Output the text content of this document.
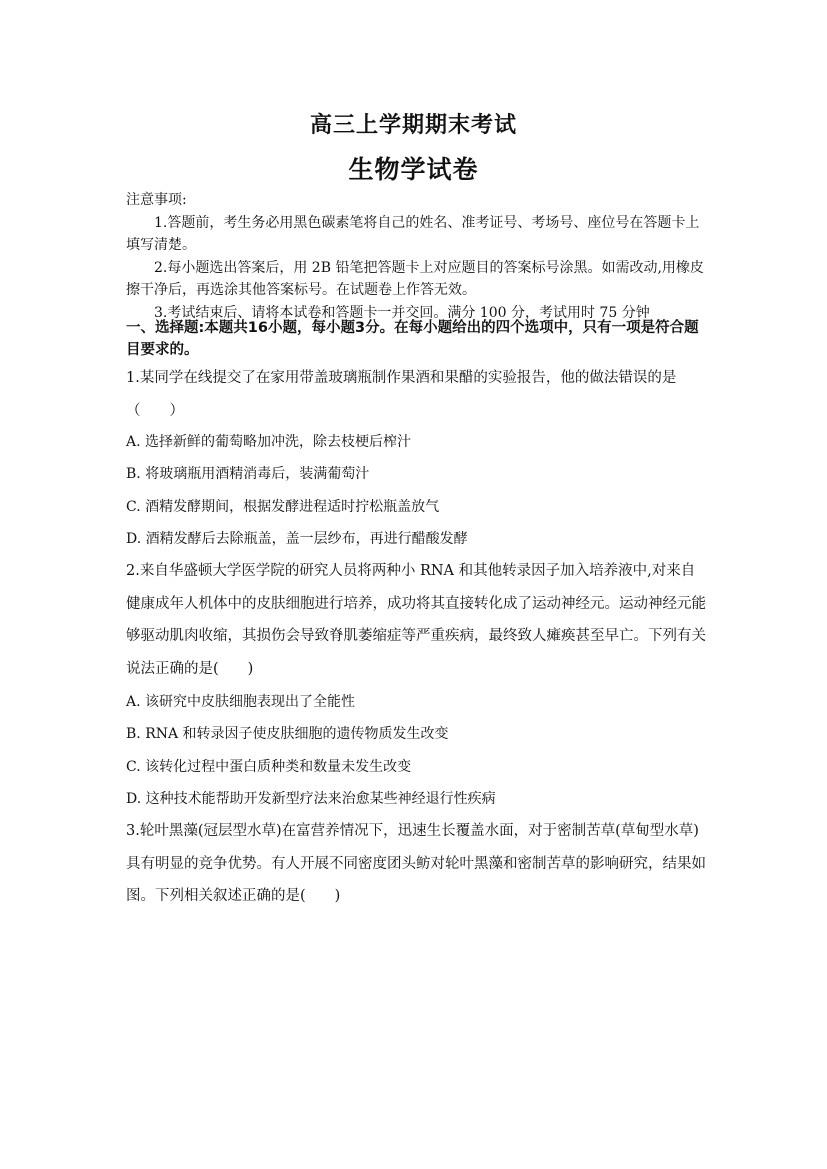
高三上学期期末考试
生物学试卷

注意事项:

1.答题前，考生务必用黑色碳素笔将自己的姓名、准考证号、考场号、座位号在答题卡上填写清楚。

2.每小题选出答案后，用 2B 铅笔把答题卡上对应题目的答案标号涂黑。如需改动,用橡皮擦干净后，再选涂其他答案标号。在试题卷上作答无效。

3.考试结束后、请将本试卷和答题卡一并交回。满分 100 分，考试用时 75 分钟

一、选择题:本题共16小题，每小题3分。在每小题给出的四个选项中，只有一项是符合题目要求的。

1.某同学在线提交了在家用带盖玻璃瓶制作果酒和果醋的实验报告，他的做法错误的是（　　）

A. 选择新鲜的葡萄略加冲洗，除去枝梗后榨汁
B. 将玻璃瓶用酒精消毒后，装满葡萄汁
C. 酒精发酵期间，根据发酵进程适时拧松瓶盖放气
D. 酒精发酵后去除瓶盖，盖一层纱布，再进行醋酸发酵

2.来自华盛顿大学医学院的研究人员将两种小 RNA 和其他转录因子加入培养液中,对来自健康成年人机体中的皮肤细胞进行培养，成功将其直接转化成了运动神经元。运动神经元能够驱动肌肉收缩，其损伤会导致脊肌萎缩症等严重疾病，最终致人瘫痪甚至早亡。下列有关说法正确的是(　　)

A. 该研究中皮肤细胞表现出了全能性
B. RNA 和转录因子使皮肤细胞的遗传物质发生改变
C. 该转化过程中蛋白质种类和数量未发生改变
D. 这种技术能帮助开发新型疗法来治愈某些神经退行性疾病

3.轮叶黑藻(冠层型水草)在富营养情况下，迅速生长覆盖水面，对于密制苦草(草甸型水草)具有明显的竞争优势。有人开展不同密度团头鲂对轮叶黑藻和密制苦草的影响研究，结果如图。下列相关叙述正确的是(　　)
